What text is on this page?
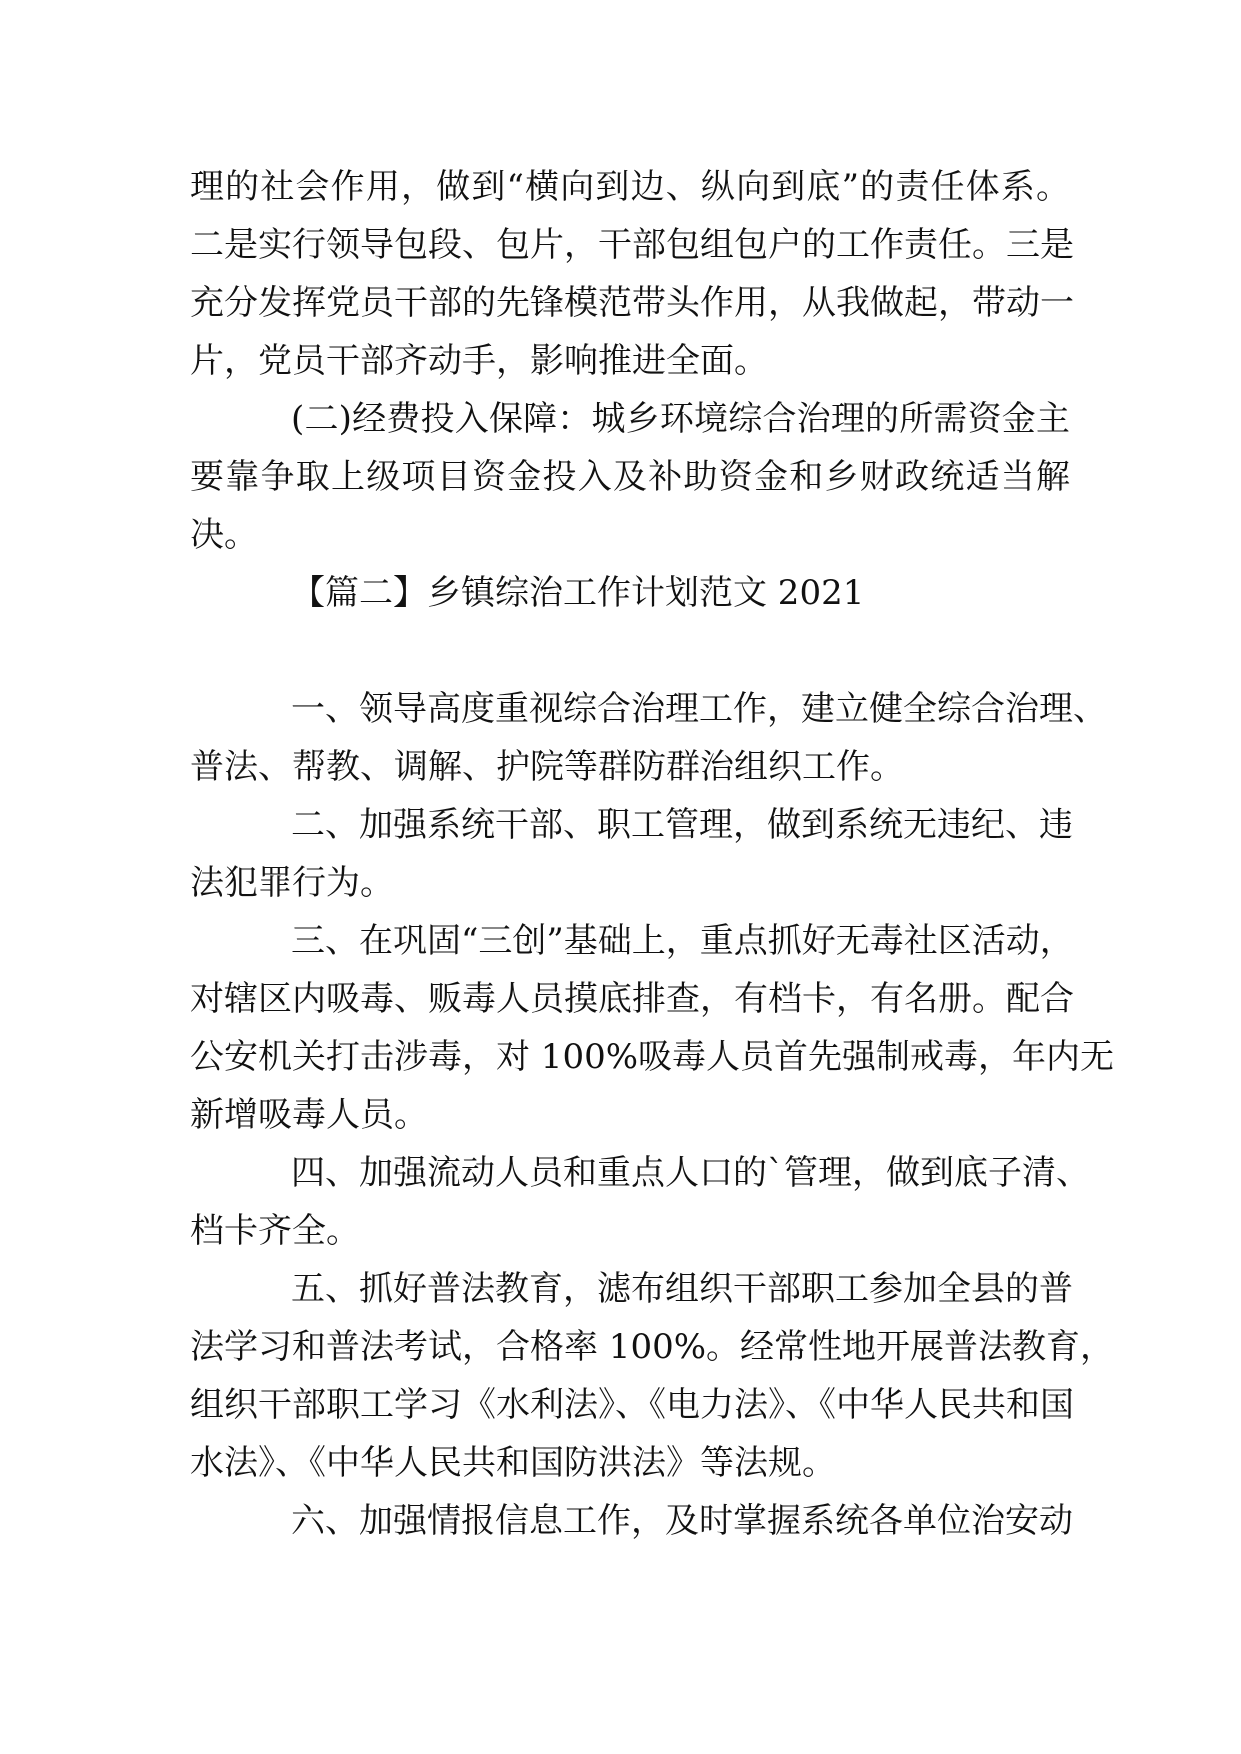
理的社会作用，做到“横向到边、纵向到底”的责任体系。
二是实行领导包段、包片，干部包组包户的工作责任。三是
充分发挥党员干部的先锋模范带头作用，从我做起，带动一
片，党员干部齐动手，影响推进全面。
(二)经费投入保障：城乡环境综合治理的所需资金主
要靠争取上级项目资金投入及补助资金和乡财政统适当解
决。
【篇二】乡镇综治工作计划范文 2021
一、领导高度重视综合治理工作，建立健全综合治理、
普法、帮教、调解、护院等群防群治组织工作。
二、加强系统干部、职工管理，做到系统无违纪、违
法犯罪行为。
三、在巩固“三创”基础上，重点抓好无毒社区活动，
对辖区内吸毒、贩毒人员摸底排查，有档卡，有名册。配合
公安机关打击涉毒，对 100%吸毒人员首先强制戒毒，年内无
新增吸毒人员。
四、加强流动人员和重点人口的`管理，做到底子清、
档卡齐全。
五、抓好普法教育，滤布组织干部职工参加全县的普
法学习和普法考试，合格率 100%。经常性地开展普法教育，
组织干部职工学习《水利法》、《电力法》、《中华人民共和国
水法》、《中华人民共和国防洪法》等法规。
六、加强情报信息工作，及时掌握系统各单位治安动
